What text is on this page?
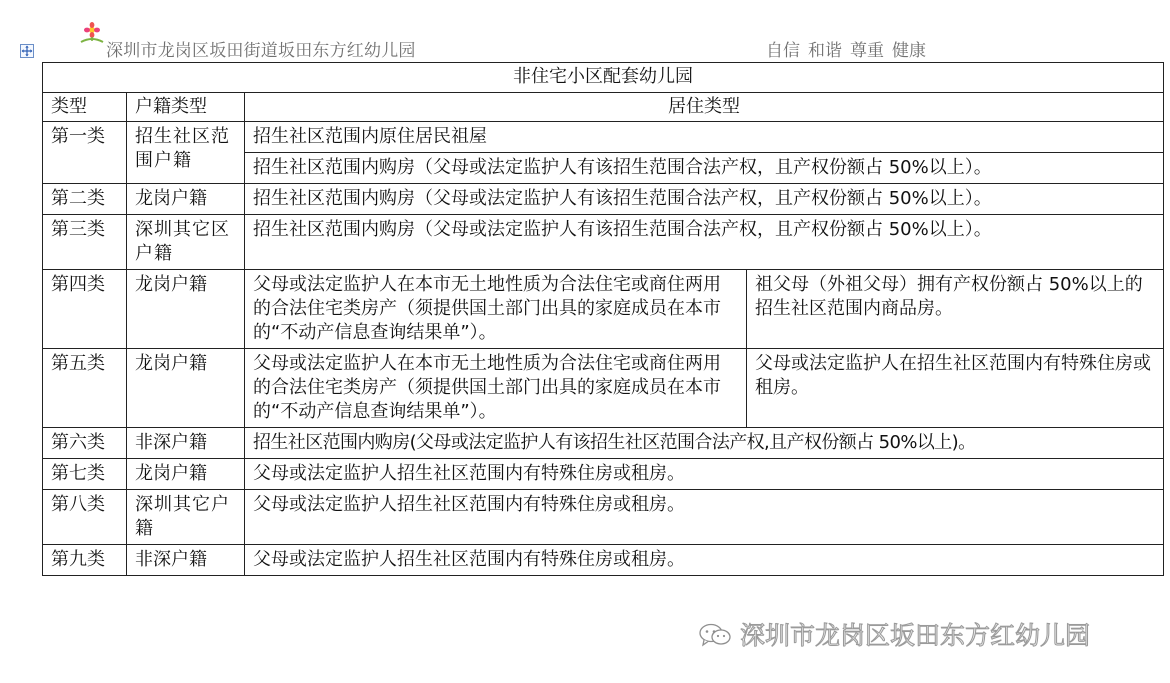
深圳市龙岗区坂田街道坂田东方红幼儿园	自信 和谐 尊重 健康
非住宅小区配套幼儿园			
类型	户籍类型	居住类型	
第一类	招生社区范围户籍	招生社区范围内原住居民祖屋	
		招生社区范围内购房（父母或法定监护人有该招生范围合法产权，且产权份额占 50%以上）。	
第二类	龙岗户籍	招生社区范围内购房（父母或法定监护人有该招生范围合法产权，且产权份额占 50%以上）。	
第三类	深圳其它区户籍	招生社区范围内购房（父母或法定监护人有该招生范围合法产权，且产权份额占 50%以上）。	
第四类	龙岗户籍	父母或法定监护人在本市无土地性质为合法住宅或商住两用的合法住宅类房产（须提供国土部门出具的家庭成员在本市的“不动产信息查询结果单”）。	祖父母（外祖父母）拥有产权份额占 50%以上的招生社区范围内商品房。
第五类	龙岗户籍	父母或法定监护人在本市无土地性质为合法住宅或商住两用的合法住宅类房产（须提供国土部门出具的家庭成员在本市的“不动产信息查询结果单”）。	父母或法定监护人在招生社区范围内有特殊住房或租房。
第六类	非深户籍	招生社区范围内购房(父母或法定监护人有该招生社区范围合法产权,且产权份额占 50%以上)。	
第七类	龙岗户籍	父母或法定监护人招生社区范围内有特殊住房或租房。	
第八类	深圳其它户籍	父母或法定监护人招生社区范围内有特殊住房或租房。	
第九类	非深户籍	父母或法定监护人招生社区范围内有特殊住房或租房。	
深圳市龙岗区坂田东方红幼儿园
